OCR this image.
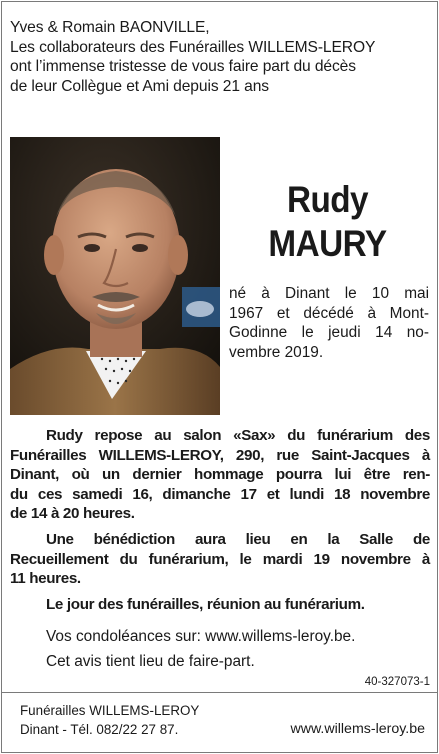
Yves & Romain BAONVILLE,
Les collaborateurs des Funérailles WILLEMS-LEROY
ont l’immense tristesse de vous faire part du décès
de leur Collègue et Ami depuis 21 ans
Rudy
MAURY
né à Dinant le 10 mai
1967 et décédé à Mont-
Godinne le jeudi 14 no-
vembre 2019.
Rudy repose au salon «Sax» du funérarium des
Funérailles WILLEMS-LEROY, 290, rue Saint-Jacques à
Dinant, où un dernier hommage pourra lui être ren-
du ces samedi 16, dimanche 17 et lundi 18 novembre
de 14 à 20 heures.
Une bénédiction aura lieu en la Salle de
Recueillement du funérarium, le mardi 19 novembre à
11 heures.
Le jour des funérailles, réunion au funérarium.
Vos condoléances sur: www.willems-leroy.be.
Cet avis tient lieu de faire-part.
40-327073-1
Funérailles WILLEMS-LEROY
Dinant - Tél. 082/22 27 87.	www.willems-leroy.be
